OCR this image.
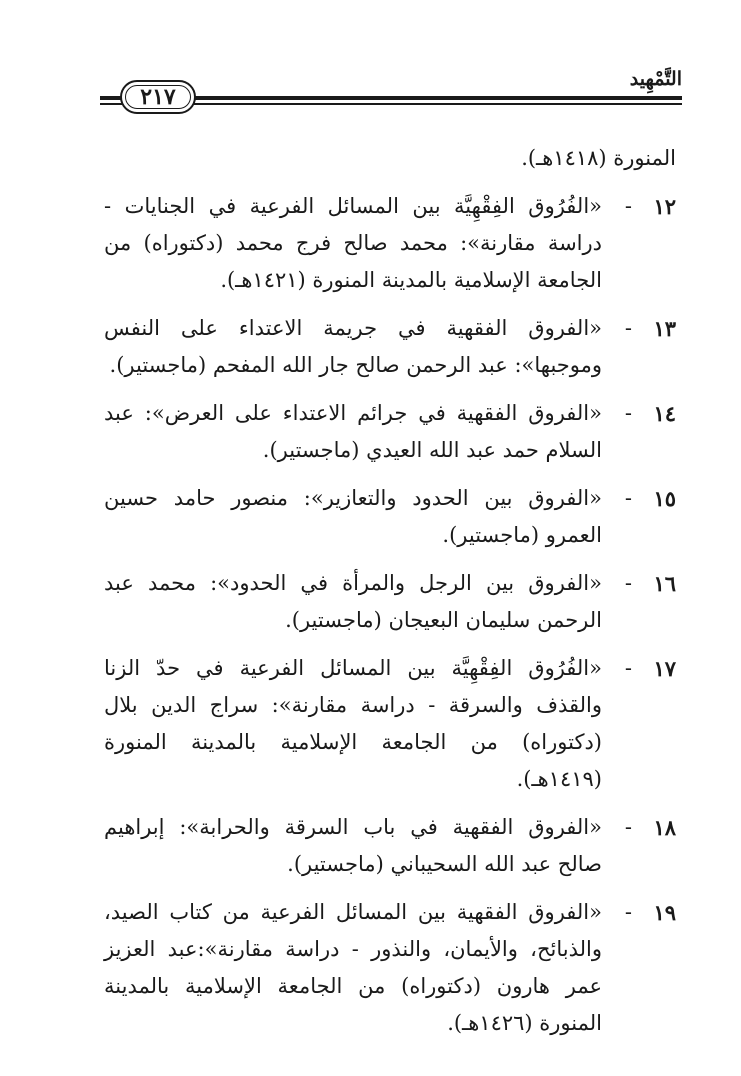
٢١٧
التَّمْهِيد
المنورة (١٤١٨هـ).
١٢
-
«الفُرُوق الفِقْهِيَّة بين المسائل الفرعية في الجنايات - دراسة مقارنة»: محمد صالح فرج محمد (دكتوراه) من الجامعة الإسلامية بالمدينة المنورة (١٤٢١هـ).
١٣
-
«الفروق الفقهية في جريمة الاعتداء على النفس وموجبها»: عبد الرحمن صالح جار الله المفحم (ماجستير).
١٤
-
«الفروق الفقهية في جرائم الاعتداء على العرض»: عبد السلام حمد عبد الله العيدي (ماجستير).
١٥
-
«الفروق بين الحدود والتعازير»: منصور حامد حسين العمرو (ماجستير).
١٦
-
«الفروق بين الرجل والمرأة في الحدود»: محمد عبد الرحمن سليمان البعيجان (ماجستير).
١٧
-
«الفُرُوق الفِقْهِيَّة بين المسائل الفرعية في حدّ الزنا والقذف والسرقة - دراسة مقارنة»: سراج الدين بلال (دكتوراه) من الجامعة الإسلامية بالمدينة المنورة (١٤١٩هـ).
١٨
-
«الفروق الفقهية في باب السرقة والحرابة»: إبراهيم صالح عبد الله السحيباني (ماجستير).
١٩
-
«الفروق الفقهية بين المسائل الفرعية من كتاب الصيد، والذبائح، والأيمان، والنذور - دراسة مقارنة»:عبد العزيز عمر هارون (دكتوراه) من الجامعة الإسلامية بالمدينة المنورة (١٤٢٦هـ).
